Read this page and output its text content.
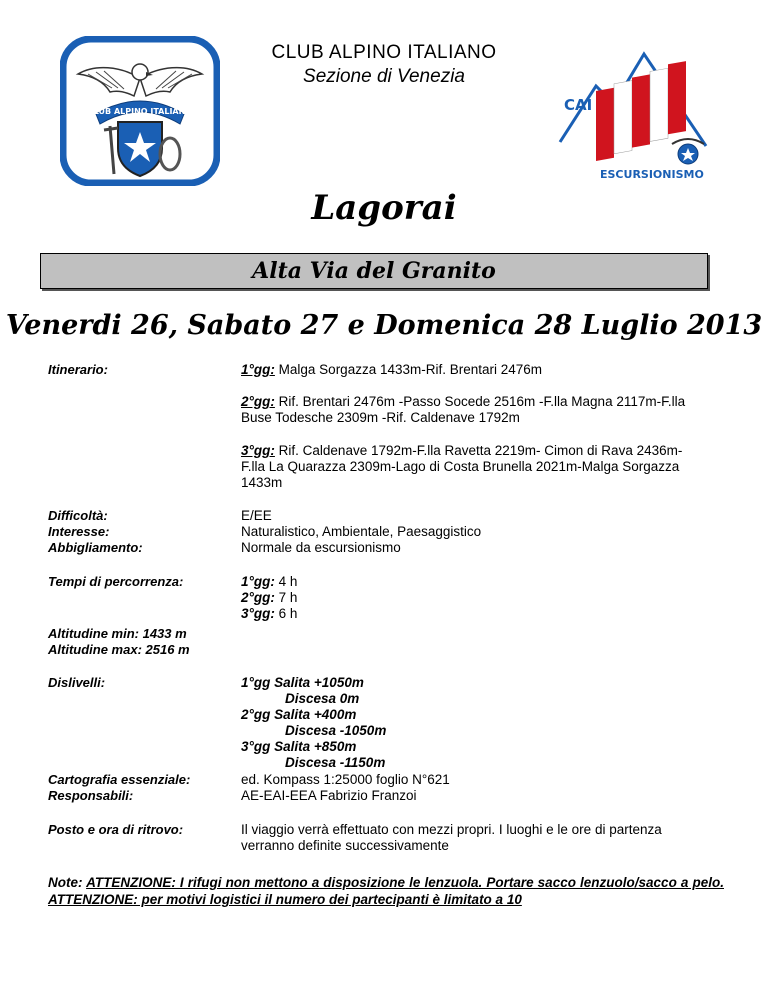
CLUB ALPINO ITALIANO
CLUB ALPINO ITALIANO
Sezione di Venezia
CAI
ESCURSIONISMO
Lagorai
Alta Via del Granito
Venerdi 26, Sabato 27 e Domenica 28 Luglio 2013
Itinerario:	1°gg: Malga Sorgazza 1433m-Rif. Brentari 2476m
2°gg: Rif. Brentari 2476m -Passo Socede 2516m -F.lla Magna 2117m-F.lla Buse Todesche 2309m -Rif. Caldenave 1792m
3°gg: Rif. Caldenave 1792m-F.lla Ravetta 2219m- Cimon di Rava 2436m-F.lla La Quarazza 2309m-Lago di Costa Brunella 2021m-Malga Sorgazza 1433m
Difficoltà:	E/EE
Interesse:	Naturalistico, Ambientale, Paesaggistico
Abbigliamento:	Normale da escursionismo
Tempi di percorrenza:	1°gg: 4 h
2°gg: 7 h
3°gg: 6 h
Altitudine min: 1433 m
Altitudine max: 2516 m
Dislivelli:	1°gg Salita +1050m
Discesa 0m
2°gg Salita +400m
Discesa -1050m
3°gg Salita +850m
Discesa -1150m
Cartografia essenziale:	ed. Kompass 1:25000 foglio N°621
Responsabili:	AE-EAI-EEA Fabrizio Franzoi
Posto e ora di ritrovo:	Il viaggio verrà effettuato con mezzi propri. I luoghi e le ore di partenza verranno definite successivamente
Note: ATTENZIONE: I rifugi non mettono a disposizione le lenzuola. Portare sacco lenzuolo/sacco a pelo. ATTENZIONE: per motivi logistici il numero dei partecipanti è limitato a 10
